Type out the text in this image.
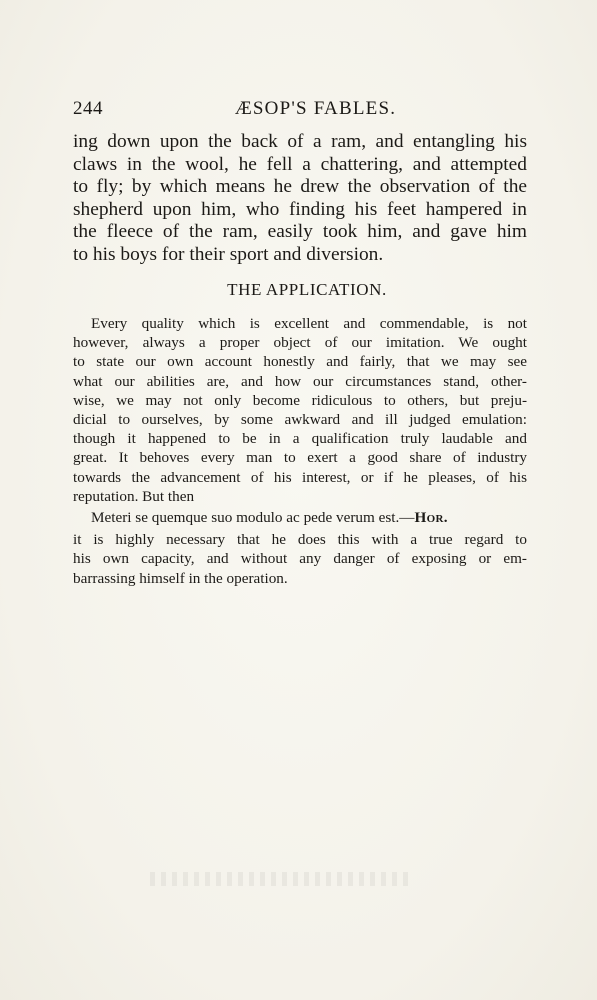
244	ÆSOP'S FABLES.
ing down upon the back of a ram, and entangling his
claws in the wool, he fell a chattering, and attempted
to fly; by which means he drew the observation of the
shepherd upon him, who finding his feet hampered in
the fleece of the ram, easily took him, and gave him
to his boys for their sport and diversion.
THE APPLICATION.
Every quality which is excellent and commendable, is not
however, always a proper object of our imitation. We ought
to state our own account honestly and fairly, that we may see
what our abilities are, and how our circumstances stand, other-
wise, we may not only become ridiculous to others, but preju-
dicial to ourselves, by some awkward and ill judged emulation:
though it happened to be in a qualification truly laudable and
great. It behoves every man to exert a good share of industry
towards the advancement of his interest, or if he pleases, of his
reputation. But then
Meteri se quemque suo modulo ac pede verum est.—Hor.
it is highly necessary that he does this with a true regard to
his own capacity, and without any danger of exposing or em-
barrassing himself in the operation.
